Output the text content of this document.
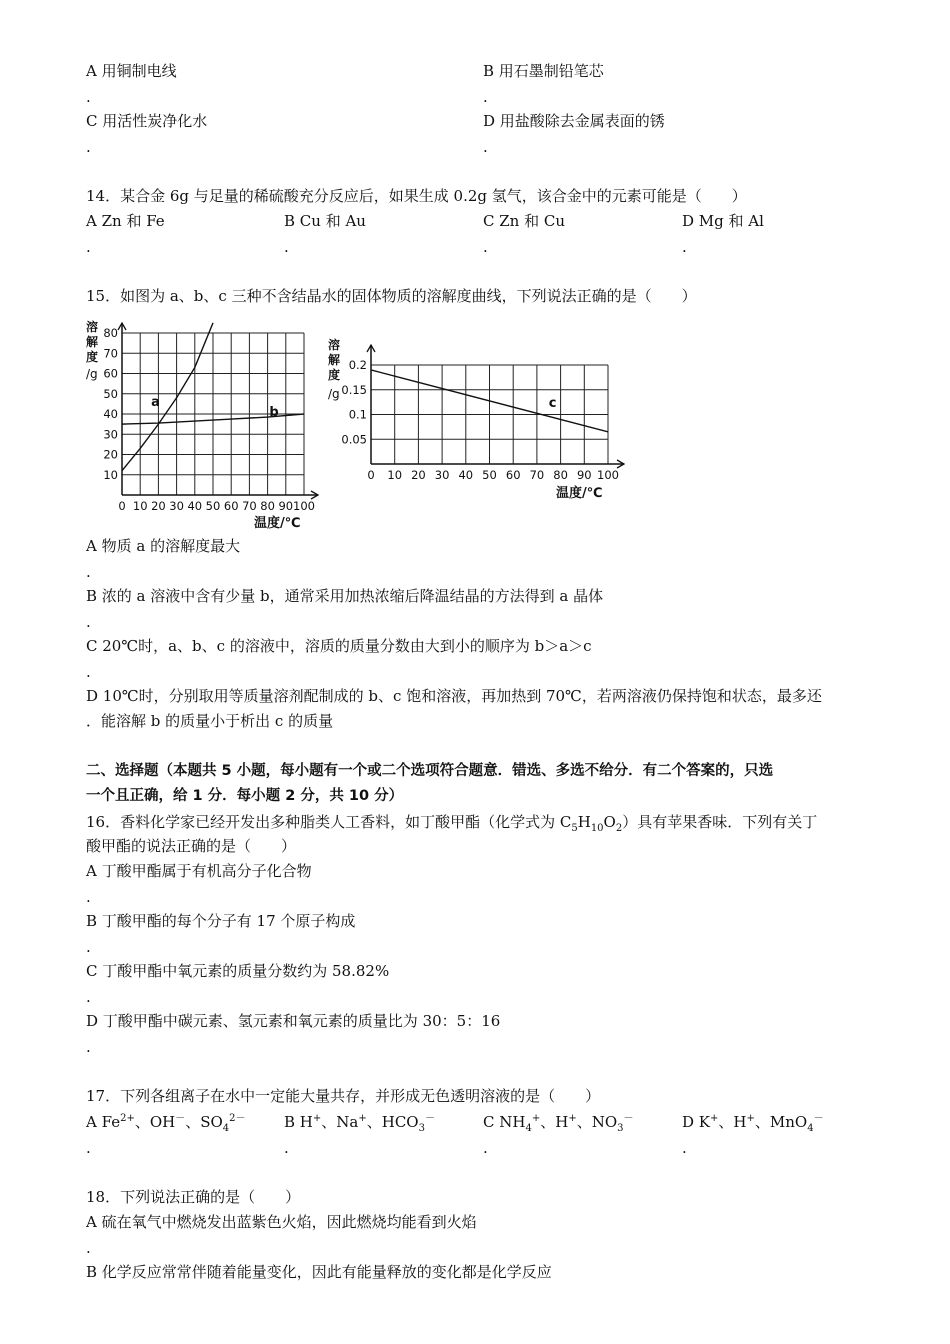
A 用铜制电线
.
B 用石墨制铅笔芯
.
C 用活性炭净化水
.
D 用盐酸除去金属表面的锈
.
14．某合金 6g 与足量的稀硫酸充分反应后，如果生成 0.2g 氢气，该合金中的元素可能是（　　）
A Zn 和 Fe
.
B Cu 和 Au
.
C Zn 和 Cu
.
D Mg 和 Al
.
15．如图为 a、b、c 三种不含结晶水的固体物质的溶解度曲线，下列说法正确的是（　　）
0 10 20 30 40 50 60 70 80 90 100
10
20
30
40
50
60
70
80
a
b
溶
解
度
/g
温度/℃
0 10 20 30 40 50 60 70 80 90 100
0.05
0.1
0.15
0.2
c
溶
解
度
/g
温度/℃
A 物质 a 的溶解度最大
.
B 浓的 a 溶液中含有少量 b，通常采用加热浓缩后降温结晶的方法得到 a 晶体
.
C 20℃时，a、b、c 的溶液中，溶质的质量分数由大到小的顺序为 b＞a＞c
.
D 10℃时，分别取用等质量溶剂配制成的 b、c 饱和溶液，再加热到 70℃，若两溶液仍保持饱和状态，最多还
．能溶解 b 的质量小于析出 c 的质量
二、选择题（本题共 5 小题，每小题有一个或二个选项符合题意．错选、多选不给分．有二个答案的，只选
一个且正确，给 1 分．每小题 2 分，共 10 分）
16．香料化学家已经开发出多种脂类人工香料，如丁酸甲酯（化学式为 $C_5H_{10}O_2$）具有苹果香味．下列有关丁
酸甲酯的说法正确的是（　　）
A 丁酸甲酯属于有机高分子化合物
.
B 丁酸甲酯的每个分子有 17 个原子构成
.
C 丁酸甲酯中氧元素的质量分数约为 58.82%
.
D 丁酸甲酯中碳元素、氢元素和氧元素的质量比为 30：5：16
.
17．下列各组离子在水中一定能大量共存，并形成无色透明溶液的是（　　）
A $Fe^{2+}$、OH－、$SO_4^{2-}$
.
B H+、Na+、$HCO_3^-$
.
C $NH_4^+$、H+、$NO_3^-$
.
D K+、H+、MnO$_4$－
.
18．下列说法正确的是（　　）
A 硫在氧气中燃烧发出蓝紫色火焰，因此燃烧均能看到火焰
.
B 化学反应常常伴随着能量变化，因此有能量释放的变化都是化学反应
